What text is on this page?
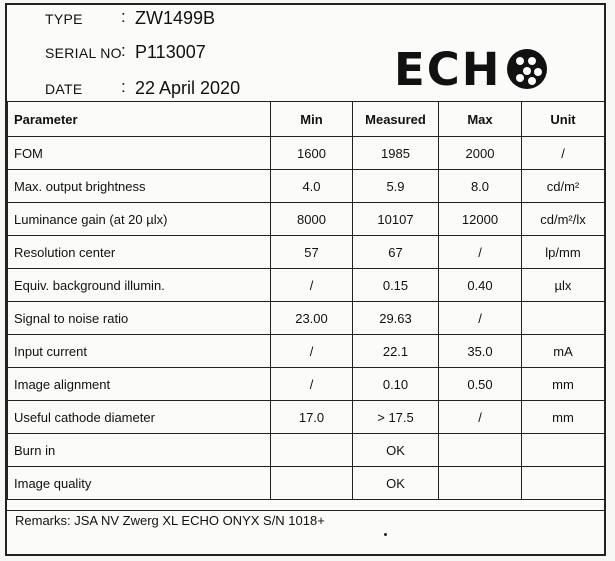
TYPE : ZW1499B
SERIAL NO : P113007
DATE : 22 April 2020	ECH
Parameter	Min	Measured	Max	Unit
FOM	1600	1985	2000	/
Max. output brightness	4.0	5.9	8.0	cd/m²
Luminance gain (at 20 µlx)	8000	10107	12000	cd/m²/lx
Resolution center	57	67	/	lp/mm
Equiv. background illumin.	/	0.15	0.40	µlx
Signal to noise ratio	23.00	29.63	/	
Input current	/	22.1	35.0	mA
Image alignment	/	0.10	0.50	mm
Useful cathode diameter	17.0	> 17.5	/	mm
Burn in		OK		
Image quality		OK		
Remarks: JSA NV Zwerg XL ECHO ONYX S/N 1018+
